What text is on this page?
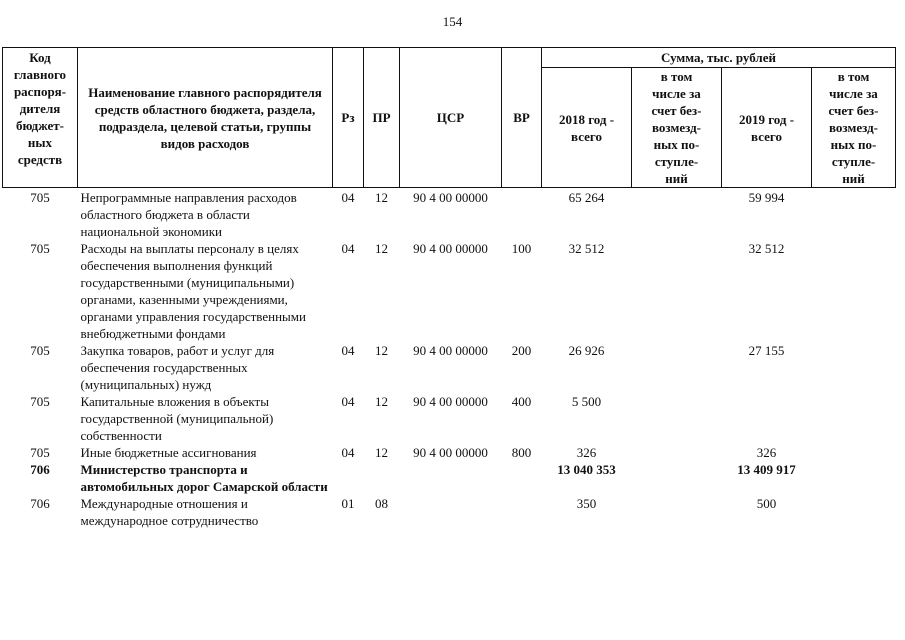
154
Код главного распоря-дителя бюджет-ных средств	Наименование главного распорядителя средств областного бюджета, раздела, подраздела, целевой статьи, группы видов расходов	Рз	ПР	ЦСР	ВР	Сумма, тыс. рублей			
						2018 год - всего	в том числе за счет без-возмезд-ных по-ступле-ний	2019 год - всего	в том числе за счет без-возмезд-ных по-ступле-ний
705	Непрограммные направления расходов областного бюджета в области национальной экономики	04	12	90 4 00 00000		65 264		59 994	
705	Расходы на выплаты персоналу в целях обеспечения выполнения функций государственными (муниципальными) органами, казенными учреждениями, органами управления государственными внебюджетными фондами	04	12	90 4 00 00000	100	32 512		32 512	
705	Закупка товаров, работ и услуг для обеспечения государственных (муниципальных) нужд	04	12	90 4 00 00000	200	26 926		27 155	
705	Капитальные вложения в объекты государственной (муниципальной) собственности	04	12	90 4 00 00000	400	5 500			
705	Иные бюджетные ассигнования	04	12	90 4 00 00000	800	326		326	
706	Министерство транспорта и автомобильных дорог Самарской области					13 040 353		13 409 917	
706	Международные отношения и международное сотрудничество	01	08			350		500	
